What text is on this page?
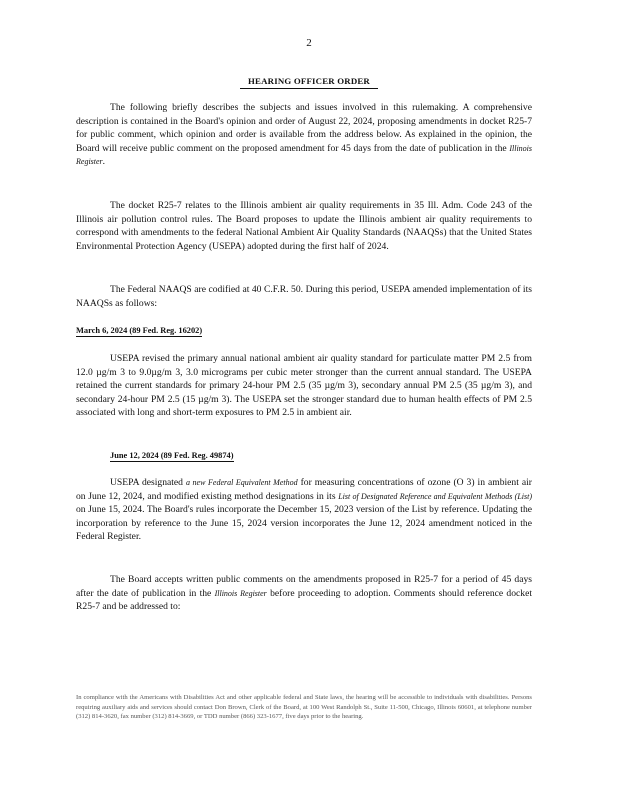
2
HEARING OFFICER ORDER
The following briefly describes the subjects and issues involved in this rulemaking. A comprehensive description is contained in the Board's opinion and order of August 22, 2024, proposing amendments in docket R25-7 for public comment, which opinion and order is available from the address below. As explained in the opinion, the Board will receive public comment on the proposed amendment for 45 days from the date of publication in the Illinois Register.
The docket R25-7 relates to the Illinois ambient air quality requirements in 35 Ill. Adm. Code 243 of the Illinois air pollution control rules. The Board proposes to update the Illinois ambient air quality requirements to correspond with amendments to the federal National Ambient Air Quality Standards (NAAQSs) that the United States Environmental Protection Agency (USEPA) adopted during the first half of 2024.
The Federal NAAQS are codified at 40 C.F.R. 50. During this period, USEPA amended implementation of its NAAQSs as follows:
March 6, 2024 (89 Fed. Reg. 16202)
USEPA revised the primary annual national ambient air quality standard for particulate matter PM 2.5 from 12.0 µg/m 3 to 9.0µg/m 3, 3.0 micrograms per cubic meter stronger than the current annual standard. The USEPA retained the current standards for primary 24-hour PM 2.5 (35 µg/m 3), secondary annual PM 2.5 (35 µg/m 3), and secondary 24-hour PM 2.5 (15 µg/m 3). The USEPA set the stronger standard due to human health effects of PM 2.5 associated with long and short-term exposures to PM 2.5 in ambient air.
June 12, 2024 (89 Fed. Reg. 49874)
USEPA designated a new Federal Equivalent Method for measuring concentrations of ozone (O 3) in ambient air on June 12, 2024, and modified existing method designations in its List of Designated Reference and Equivalent Methods (List) on June 15, 2024. The Board's rules incorporate the December 15, 2023 version of the List by reference. Updating the incorporation by reference to the June 15, 2024 version incorporates the June 12, 2024 amendment noticed in the Federal Register.
The Board accepts written public comments on the amendments proposed in R25-7 for a period of 45 days after the date of publication in the Illinois Register before proceeding to adoption. Comments should reference docket R25-7 and be addressed to:
In compliance with the Americans with Disabilities Act and other applicable federal and State laws, the hearing will be accessible to individuals with disabilities. Persons requiring auxiliary aids and services should contact Don Brown, Clerk of the Board, at 100 West Randolph St., Suite 11-500, Chicago, Illinois 60601, at telephone number (312) 814-3620, fax number (312) 814-3669, or TDD number (866) 323-1677, five days prior to the hearing.
